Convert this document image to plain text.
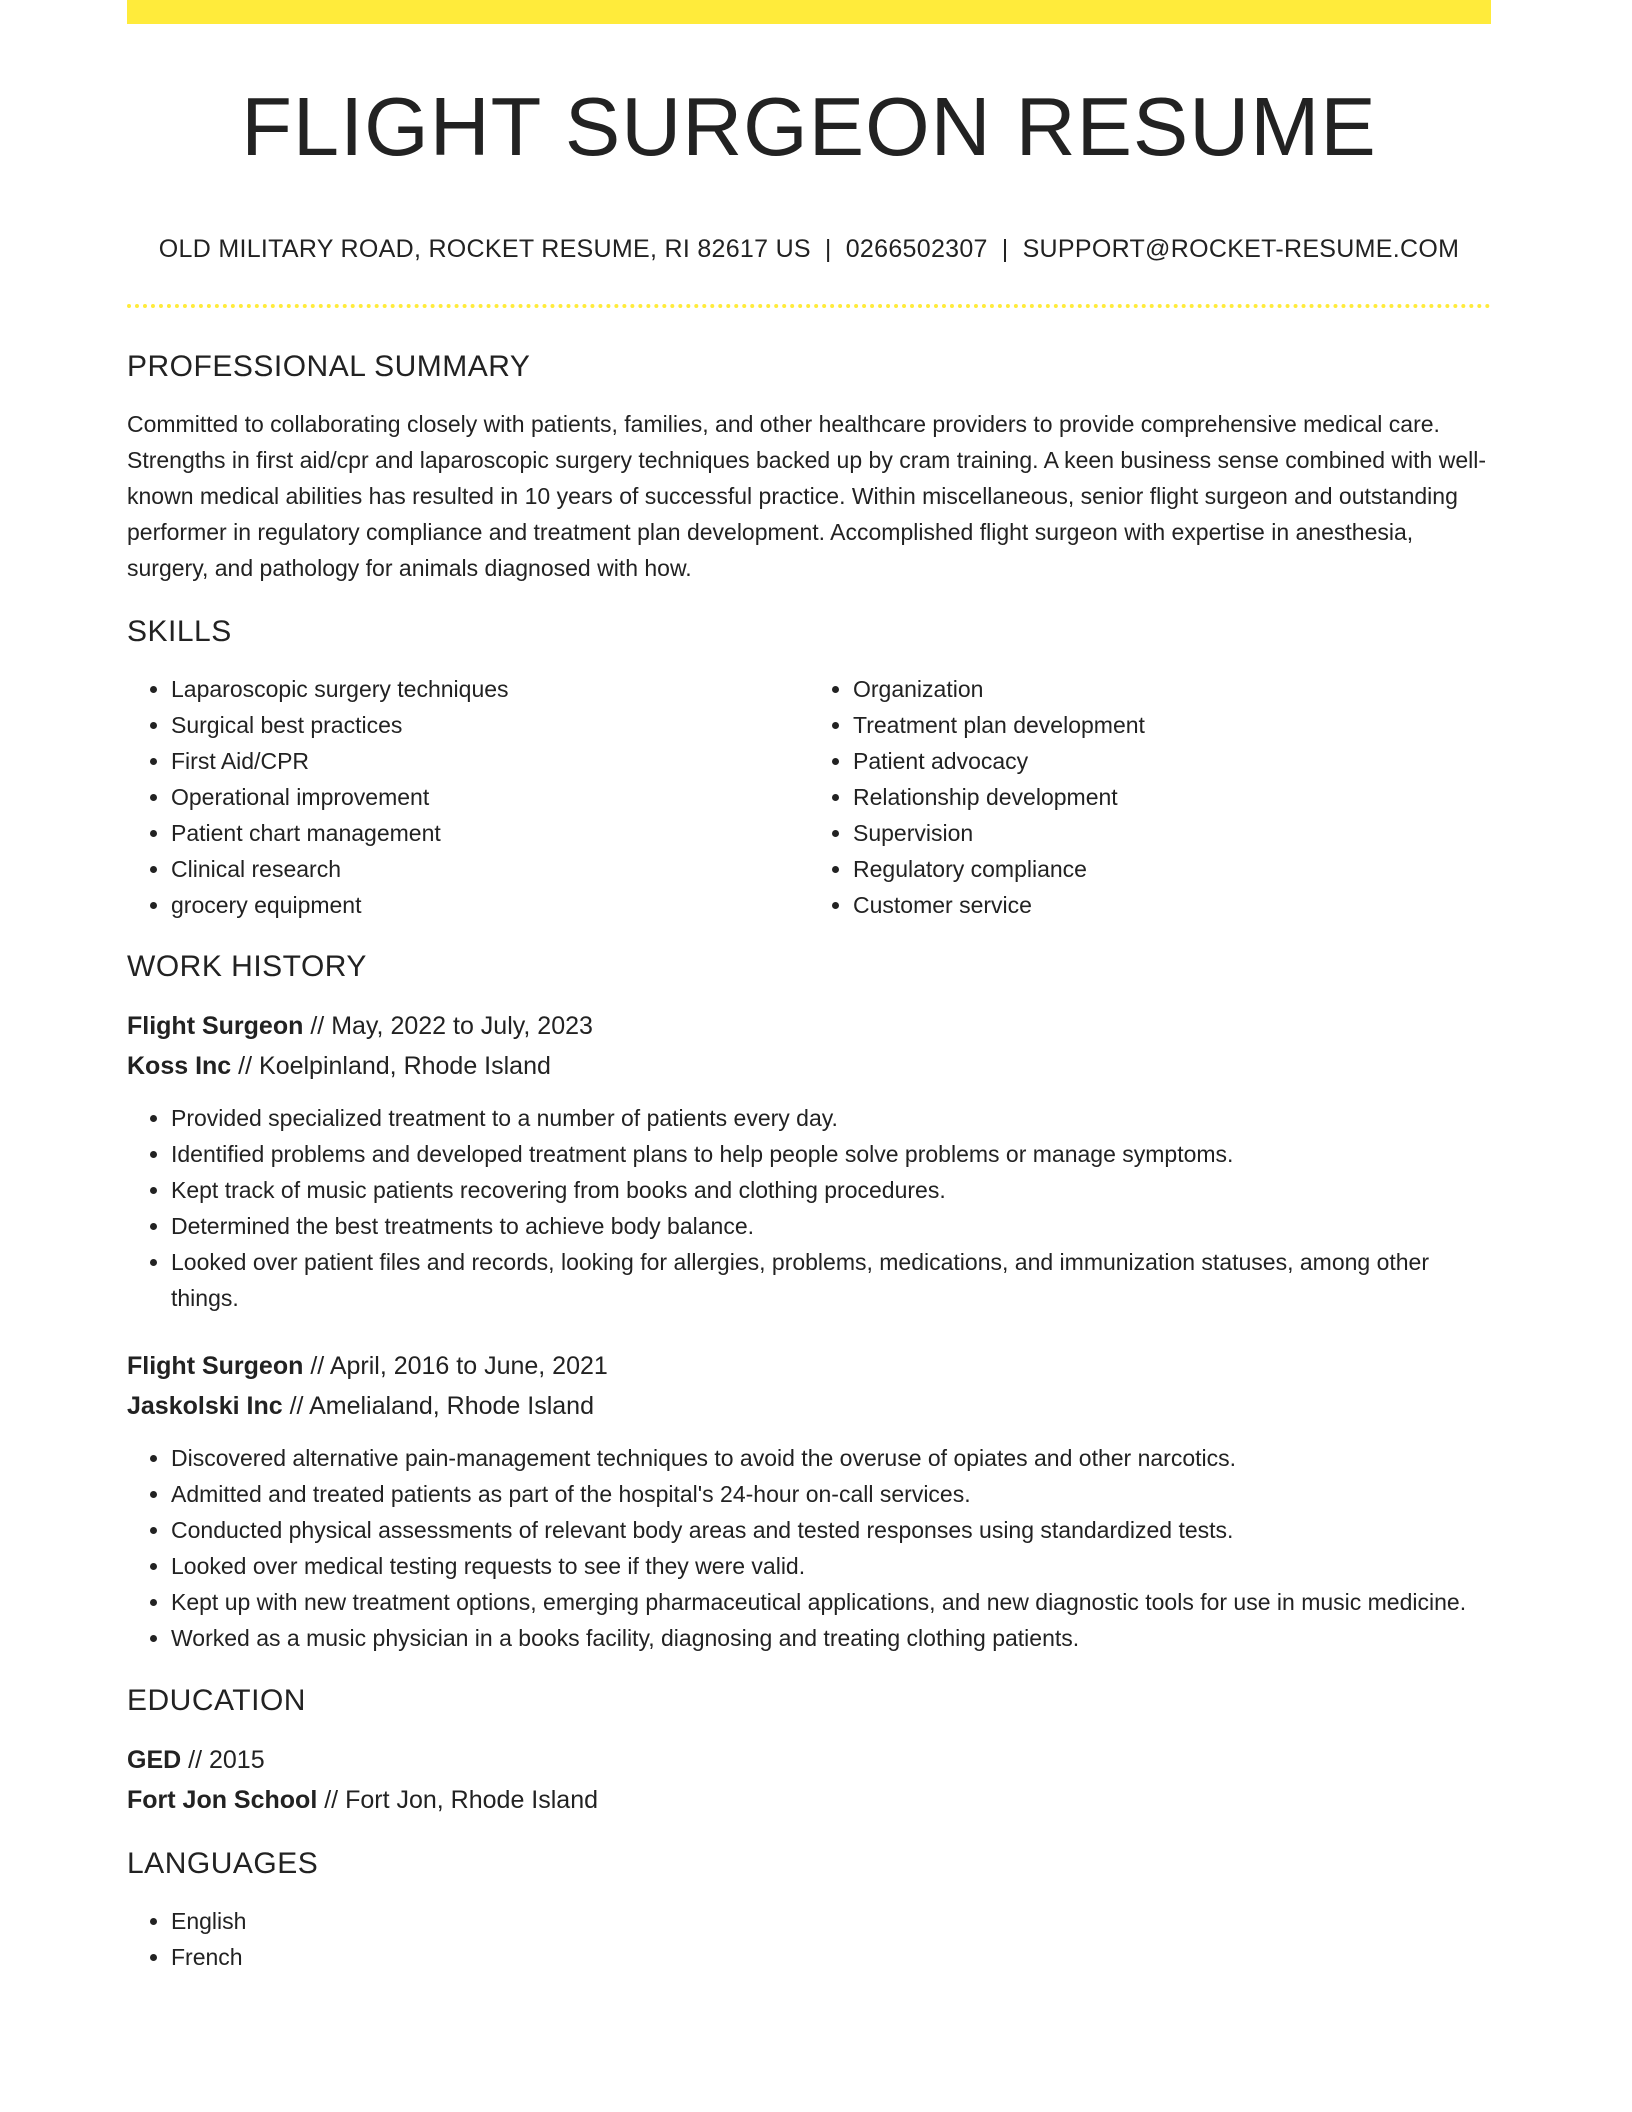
FLIGHT SURGEON RESUME
OLD MILITARY ROAD, ROCKET RESUME, RI 82617 US | 0266502307 | SUPPORT@ROCKET-RESUME.COM
PROFESSIONAL SUMMARY

Committed to collaborating closely with patients, families, and other healthcare providers to provide comprehensive medical care. Strengths in first aid/cpr and laparoscopic surgery techniques backed up by cram training. A keen business sense combined with well-known medical abilities has resulted in 10 years of successful practice. Within miscellaneous, senior flight surgeon and outstanding performer in regulatory compliance and treatment plan development. Accomplished flight surgeon with expertise in anesthesia, surgery, and pathology for animals diagnosed with how.

SKILLS
• Laparoscopic surgery techniques
• Surgical best practices
• First Aid/CPR
• Operational improvement
• Patient chart management
• Clinical research
• grocery equipment
• Organization
• Treatment plan development
• Patient advocacy
• Relationship development
• Supervision
• Regulatory compliance
• Customer service
WORK HISTORY

Flight Surgeon // May, 2022 to July, 2023

Koss Inc // Koelpinland, Rhode Island

• Provided specialized treatment to a number of patients every day.
• Identified problems and developed treatment plans to help people solve problems or manage symptoms.
• Kept track of music patients recovering from books and clothing procedures.
• Determined the best treatments to achieve body balance.
• Looked over patient files and records, looking for allergies, problems, medications, and immunization statuses, among other things.

Flight Surgeon // April, 2016 to June, 2021

Jaskolski Inc // Amelialand, Rhode Island

• Discovered alternative pain-management techniques to avoid the overuse of opiates and other narcotics.
• Admitted and treated patients as part of the hospital's 24-hour on-call services.
• Conducted physical assessments of relevant body areas and tested responses using standardized tests.
• Looked over medical testing requests to see if they were valid.
• Kept up with new treatment options, emerging pharmaceutical applications, and new diagnostic tools for use in music medicine.
• Worked as a music physician in a books facility, diagnosing and treating clothing patients.
EDUCATION

GED // 2015

Fort Jon School // Fort Jon, Rhode Island

LANGUAGES
• English
• French
